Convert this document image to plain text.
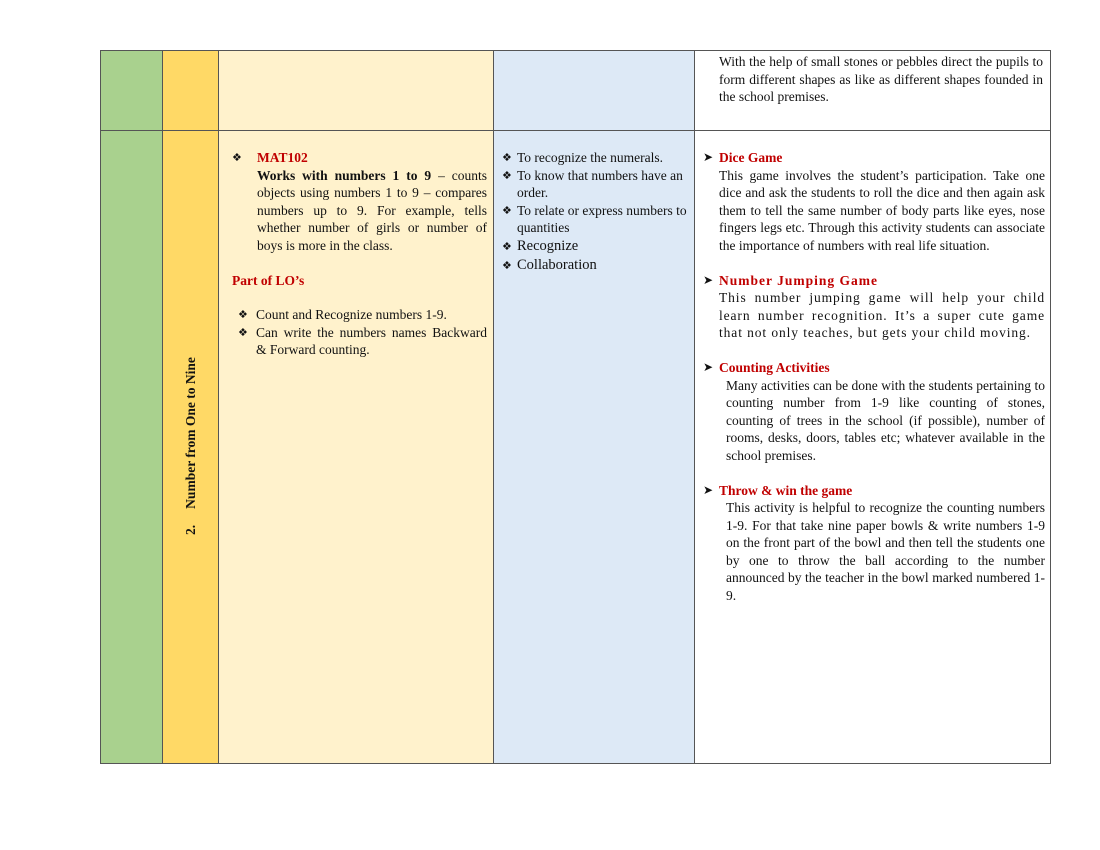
With the help of small stones or pebbles direct the pupils to form different shapes as like as different shapes founded in the school premises.
2.Number from One to Nine
❖	MAT102
Works with numbers 1 to 9 – counts objects using numbers 1 to 9 – compares numbers up to 9. For example, tells whether number of girls or number of boys is more in the class.
Part of LO’s
❖ Count and Recognize numbers 1-9.
❖ Can write the numbers names Backward & Forward counting.
❖ To recognize the numerals.
❖ To know that numbers have an order.
❖ To relate or express numbers to quantities
❖ Recognize
❖ Collaboration
➤ Dice Game
This game involves the student’s participation. Take one dice and ask the students to roll the dice and then again ask them to tell the same number of body parts like eyes, nose fingers legs etc. Through this activity students can associate the importance of numbers with real life situation.
➤ Number Jumping Game
This number jumping game will help your child learn number recognition. It’s a super cute game that not only teaches, but gets your child moving.
➤ Counting Activities
Many activities can be done with the students pertaining to counting number from 1-9 like counting of stones, counting of trees in the school (if possible), number of rooms, desks, doors, tables etc; whatever available in the school premises.
➤ Throw & win the game
This activity is helpful to recognize the counting numbers 1-9. For that take nine paper bowls & write numbers 1-9 on the front part of the bowl and then tell the students one by one to throw the ball according to the number announced by the teacher in the bowl marked numbered 1-9.
